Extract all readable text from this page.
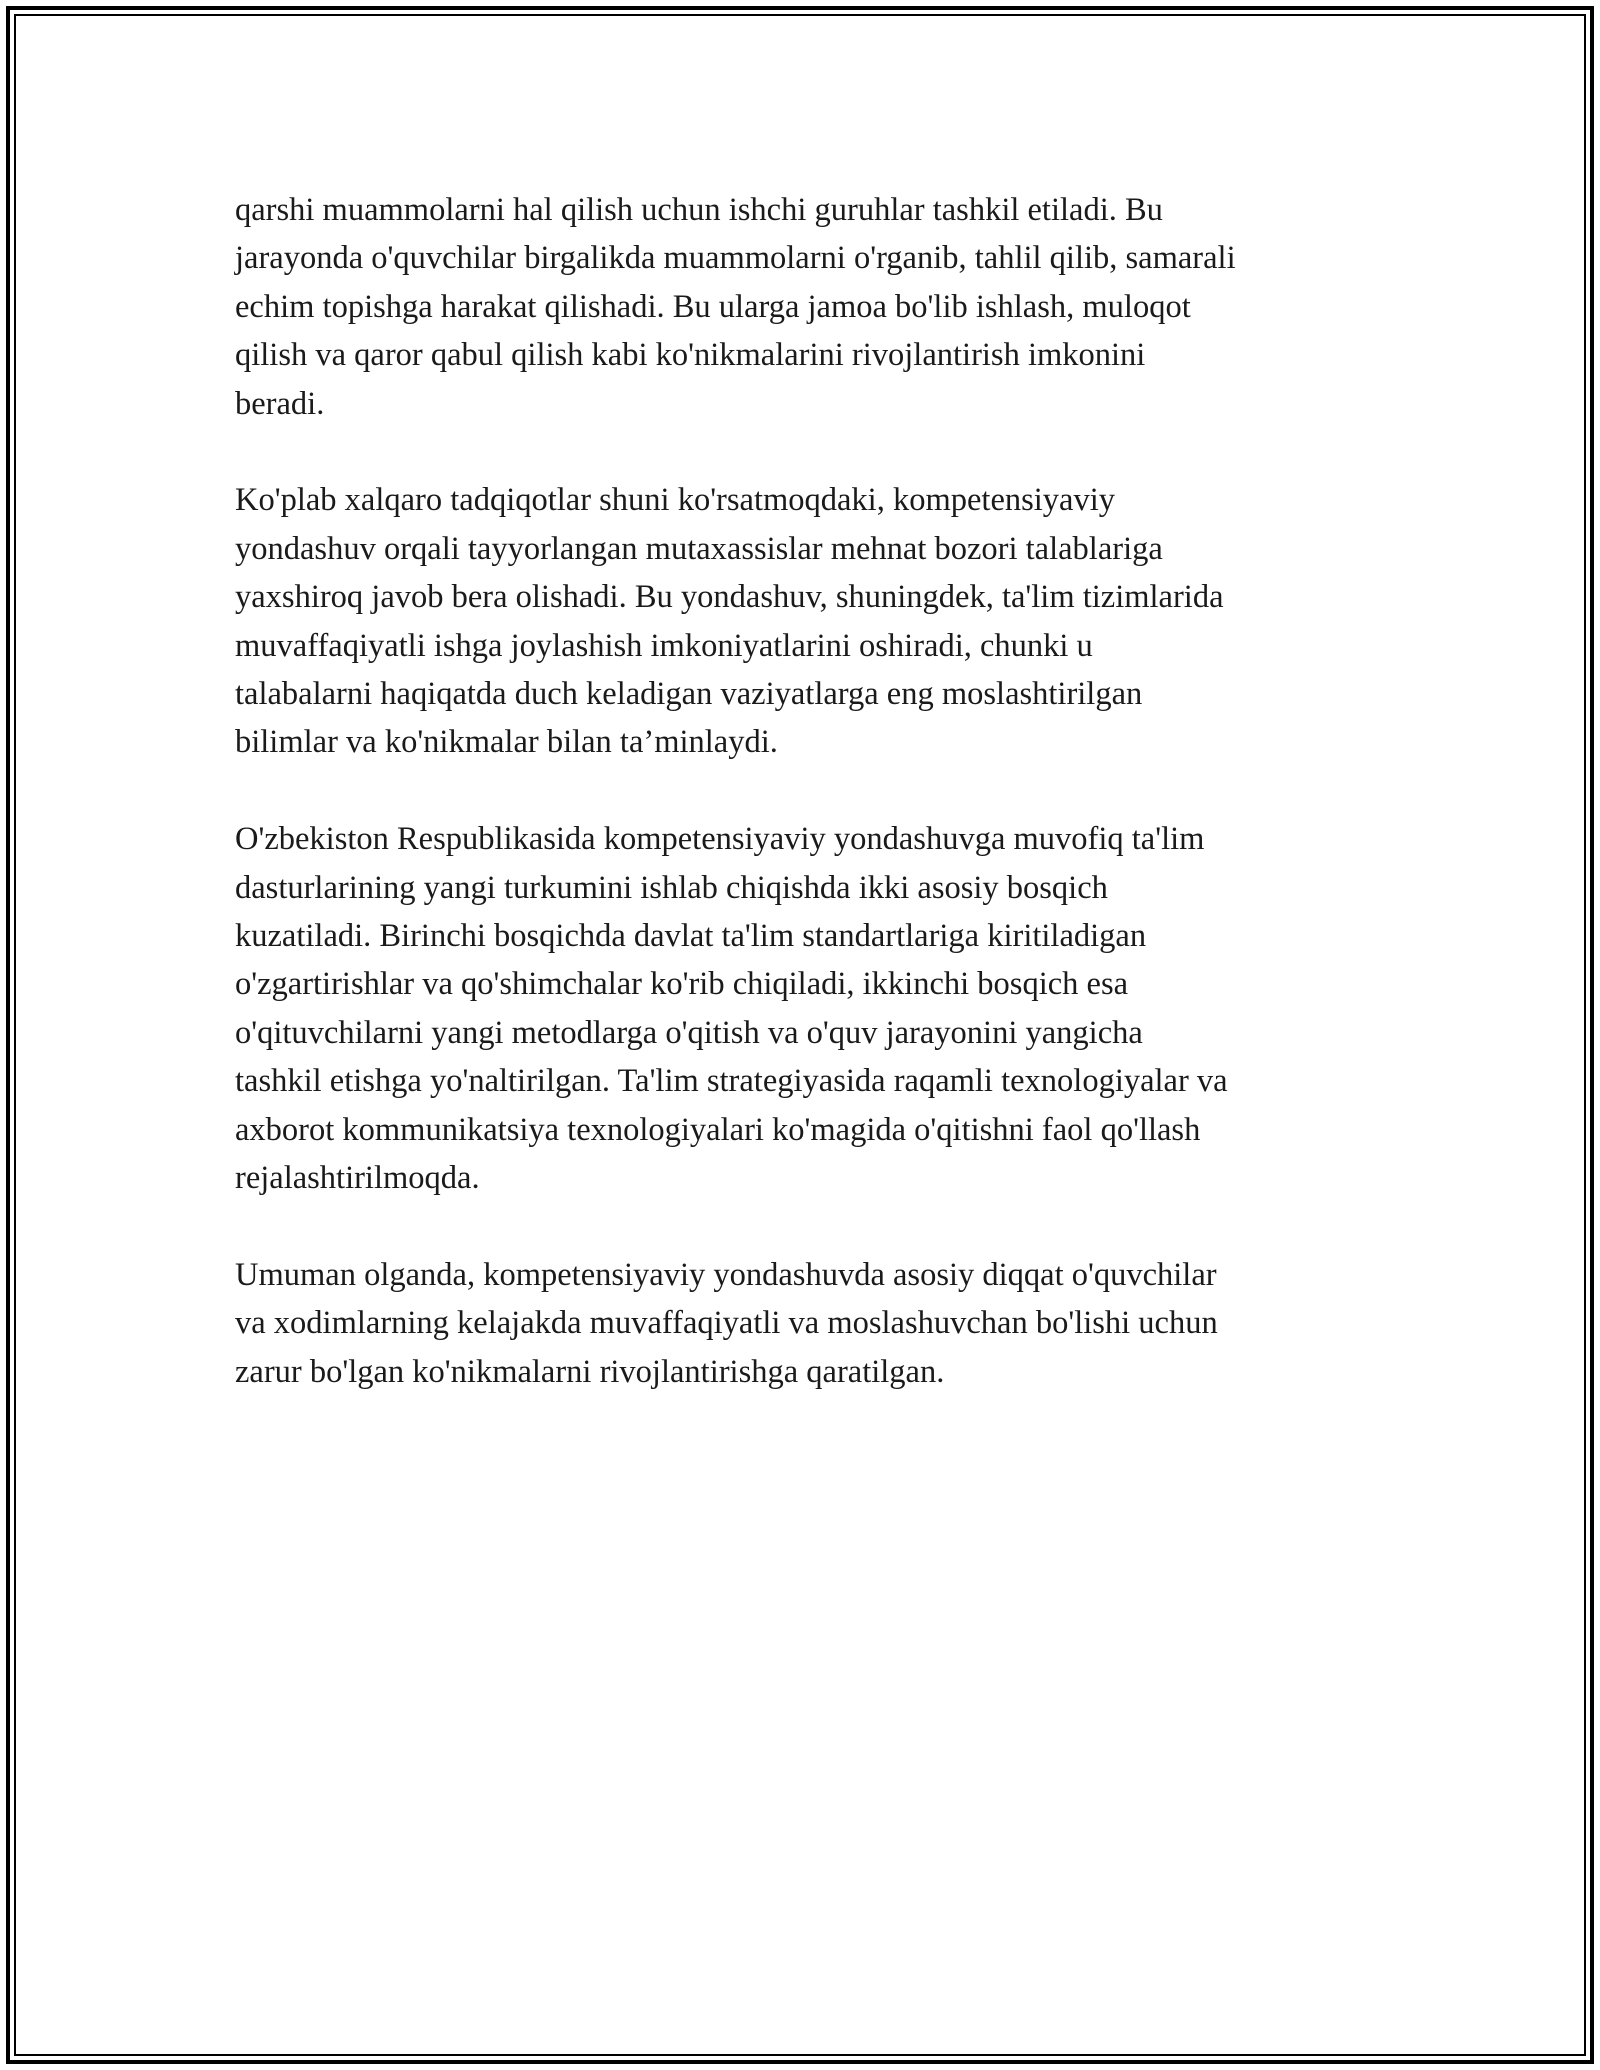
qarshi muammolarni hal qilish uchun ishchi guruhlar tashkil etiladi. Bu
jarayonda o'quvchilar birgalikda muammolarni o'rganib, tahlil qilib, samarali
echim topishga harakat qilishadi. Bu ularga jamoa bo'lib ishlash, muloqot
qilish va qaror qabul qilish kabi ko'nikmalarini rivojlantirish imkonini
beradi.

Ko'plab xalqaro tadqiqotlar shuni ko'rsatmoqdaki, kompetensiyaviy
yondashuv orqali tayyorlangan mutaxassislar mehnat bozori talablariga
yaxshiroq javob bera olishadi. Bu yondashuv, shuningdek, ta'lim tizimlarida
muvaffaqiyatli ishga joylashish imkoniyatlarini oshiradi, chunki u
talabalarni haqiqatda duch keladigan vaziyatlarga eng moslashtirilgan
bilimlar va ko'nikmalar bilan ta’minlaydi.

O'zbekiston Respublikasida kompetensiyaviy yondashuvga muvofiq ta'lim
dasturlarining yangi turkumini ishlab chiqishda ikki asosiy bosqich
kuzatiladi. Birinchi bosqichda davlat ta'lim standartlariga kiritiladigan
o'zgartirishlar va qo'shimchalar ko'rib chiqiladi, ikkinchi bosqich esa
o'qituvchilarni yangi metodlarga o'qitish va o'quv jarayonini yangicha
tashkil etishga yo'naltirilgan. Ta'lim strategiyasida raqamli texnologiyalar va
axborot kommunikatsiya texnologiyalari ko'magida o'qitishni faol qo'llash
rejalashtirilmoqda.

Umuman olganda, kompetensiyaviy yondashuvda asosiy diqqat o'quvchilar
va xodimlarning kelajakda muvaffaqiyatli va moslashuvchan bo'lishi uchun
zarur bo'lgan ko'nikmalarni rivojlantirishga qaratilgan.
